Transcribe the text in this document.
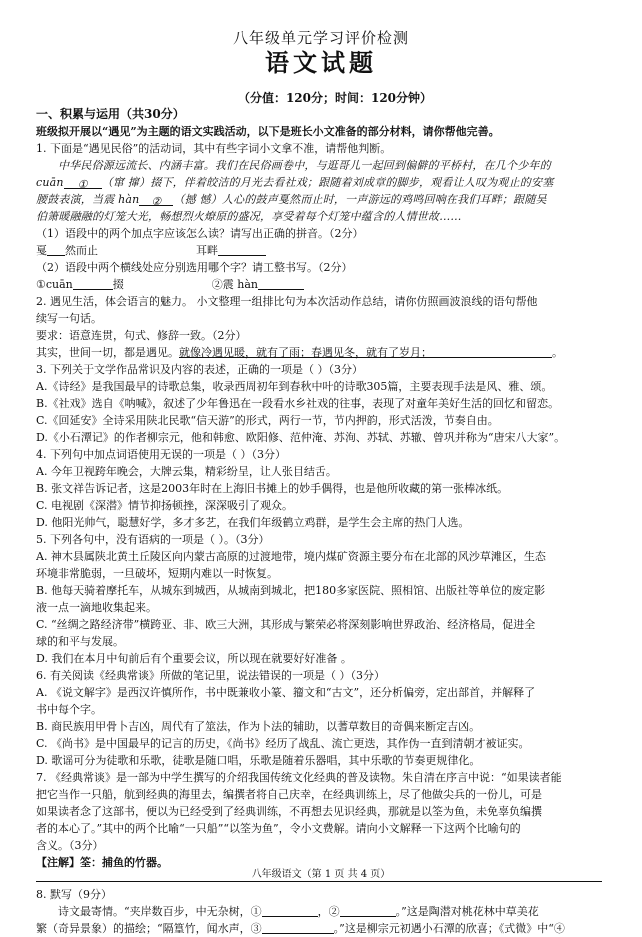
八年级单元学习评价检测
语文试题
（分值：120分；时间：120分钟）
一、积累与运用（共30分）
班级拟开展以“遇见”为主题的语文实践活动，以下是班长小文准备的部分材料，请你帮他完善。
1. 下面是“遇见民俗”的活动词，其中有些字词小文拿不准，请帮他判断。
中华民俗源远流长、内涵丰富。我们在民俗画卷中，与逛哥儿一起回到偏僻的平桥村，在几个少年的
cuān ① （窜 撺）掇下，伴着皎洁的月光去看社戏；跟随着刘成章的脚步，观看让人叹为观止的安塞
腰鼓表演，当震 hàn ② （撼 憾）人心的鼓声戛然而止时，一声游远的鸡鸣回响在我们耳畔；跟随吴
伯箫暖融融的灯笼大光，畅想烈火燎原的盛况，享受着每个灯笼中蕴含的人情世故……
（1）语段中的两个加点字应该怎么读？请写出正确的拼音。（2分）
戛 然而止	耳畔
（2）语段中两个横线处应分别选用哪个字？请工整书写。（2分）
①cuān	掇	②震 hàn
2. 遇见生活，体会语言的魅力。 小文整理一组排比句为本次活动作总结，请你仿照画波浪线的语句帮他
续写一句话。
要求：语意连贯，句式、修辞一致。（2分）
其实，世间一切，都是遇见。就像冷遇见暖，就有了雨；春遇见冬，就有了岁月；	。
3. 下列关于文学作品常识及内容的表述，正确的一项是（ ）（3分）
A.《诗经》是我国最早的诗歌总集，收录西周初年到春秋中叶的诗歌305篇，主要表现手法是风、雅、颂。
B.《社戏》选自《呐喊》，叙述了少年鲁迅在一段看水乡社戏的往事，表现了对童年美好生活的回忆和留恋。
C.《回延安》全诗采用陕北民歌“信天游”的形式，两行一节，节内押韵，形式活泼，节奏自由。
D.《小石潭记》的作者柳宗元，他和韩愈、欧阳修、范仲淹、苏洵、苏轼、苏辙、曾巩并称为“唐宋八大家”。
4. 下列句中加点词语使用无误的一项是（ ）（3分）
A. 今年卫视跨年晚会，大牌云集，精彩纷呈，让人张目结舌。
B. 张文祥告诉记者，这是2003年时在上海旧书摊上的妙手偶得，也是他所收藏的第一张棒冰纸。
C. 电视剧《深潜》情节抑扬顿挫，深深吸引了观众。
D. 他阳光帅气，聪慧好学，多才多艺，在我们年级鹤立鸡群，是学生会主席的热门人选。
5. 下列各句中，没有语病的一项是（ ）。（3分）
A. 神木县属陕北黄土丘陵区向内蒙古高原的过渡地带，境内煤矿资源主要分布在北部的风沙草滩区，生态
环境非常脆弱，一旦破坏，短期内难以一时恢复。
B. 他每天骑着摩托车，从城东到城西，从城南到城北，把180多家医院、照相馆、出版社等单位的废定影
液一点一滴地收集起来。
C. “丝绸之路经济带”横跨亚、非、欧三大洲，其形成与繁荣必将深刻影响世界政治、经济格局，促进全
球的和平与发展。
D. 我们在本月中旬前后有个重要会议，所以现在就要好好准备 。
6. 有关阅读《经典常谈》所做的笔记里，说法错误的一项是（ ）（3分）
A. 《说文解字》是西汉许慎所作，书中既兼收小篆、籀文和“古文”，还分析偏旁，定出部首，并解释了
书中每个字。
B. 商民族用甲骨卜吉凶，周代有了筮法，作为卜法的辅助，以蓍草数目的奇偶来断定吉凶。
C. 《尚书》是中国最早的记言的历史，《尚书》经历了战乱、流亡更迭，其作伪一直到清朝才被证实。
D. 歌谣可分为徒歌和乐歌，徒歌是随口唱，乐歌是随着乐器唱，其中乐歌的节奏更规律化。
7. 《经典常谈》是一部为中学生撰写的介绍我国传统文化经典的普及读物。朱自清在序言中说：“如果读者能
把它当作一只船，航到经典的海里去，编撰者将自己庆幸，在经典训练上，尽了他做尖兵的一份儿，可是
如果读者念了这部书，便以为已经受到了经典训练，不再想去见识经典，那就是以筌为鱼，未免辜负编撰
者的本心了。”其中的两个比喻“一只船”“以筌为鱼”，令小文费解。请向小文解释一下这两个比喻句的
含义。（3分）
【注解】筌：捕鱼的竹器。
8. 默写（9分）
诗文最寄情。“夹岸数百步，中无杂树，①	，②	。”这是陶潜对桃花林中草美花
繁（奇异景象）的描绘；“隔篁竹，闻水声，③	。”这是柳宗元初遇小石潭的欣喜；《式微》中“④
八年级语文（第 1 页 共 4 页）
